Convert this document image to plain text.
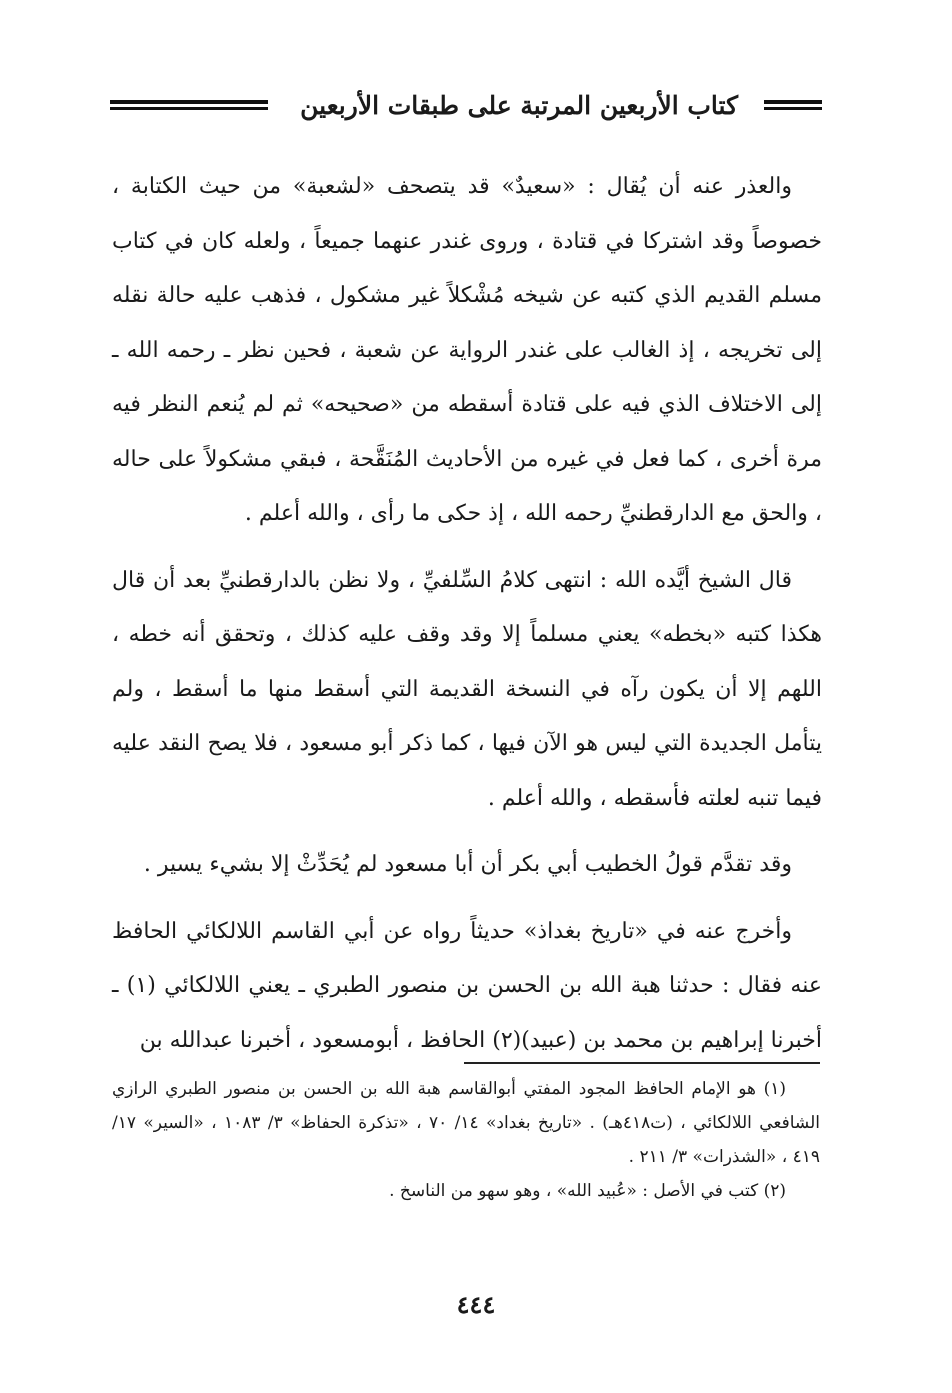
كتاب الأربعين المرتبة على طبقات الأربعين

والعذر عنه أن يُقال : «سعيدٌ» قد يتصحف «لشعبة» من حيث الكتابة ، خصوصاً وقد اشتركا في قتادة ، وروى غندر عنهما جميعاً ، ولعله كان في كتاب مسلم القديم الذي كتبه عن شيخه مُشْكلاً غير مشكول ، فذهب عليه حالة نقله إلى تخريجه ، إذ الغالب على غندر الرواية عن شعبة ، فحين نظر ـ رحمه الله ـ إلى الاختلاف الذي فيه على قتادة أسقطه من «صحيحه» ثم لم يُنعم النظر فيه مرة أخرى ، كما فعل في غيره من الأحاديث المُنَقَّحة ، فبقي مشكولاً على حاله ، والحق مع الدارقطنيِّ رحمه الله ، إذ حكى ما رأى ، والله أعلم .

قال الشيخ أيَّده الله : انتهى كلامُ السِّلفيِّ ، ولا نظن بالدارقطنيِّ بعد أن قال هكذا كتبه «بخطه» يعني مسلماً إلا وقد وقف عليه كذلك ، وتحقق أنه خطه ، اللهم إلا أن يكون رآه في النسخة القديمة التي أسقط منها ما أسقط ، ولم يتأمل الجديدة التي ليس هو الآن فيها ، كما ذكر أبو مسعود ، فلا يصح النقد عليه فيما تنبه لعلته فأسقطه ، والله أعلم .

وقد تقدَّم قولُ الخطيب أبي بكر أن أبا مسعود لم يُحَدِّثْ إلا بشيء يسير .

وأخرج عنه في «تاريخ بغداذ» حديثاً رواه عن أبي القاسم اللالكائي الحافظ عنه فقال : حدثنا هبة الله بن الحسن بن منصور الطبري ـ يعني اللالكائي (١) ـ أخبرنا إبراهيم بن محمد بن (عبيد)(٢) الحافظ ، أبومسعود ، أخبرنا عبدالله بن

(١) هو الإمام الحافظ المجود المفتي أبوالقاسم هبة الله بن الحسن بن منصور الطبري الرازي الشافعي اللالكائي ، (ت٤١٨هـ) . «تاريخ بغداد» ١٤/ ٧٠ ، «تذكرة الحفاظ» ٣/ ١٠٨٣ ، «السير» ١٧/ ٤١٩ ، «الشذرات» ٣/ ٢١١ .

(٢) كتب في الأصل : «عُبيد الله» ، وهو سهو من الناسخ .

٤٤٤
